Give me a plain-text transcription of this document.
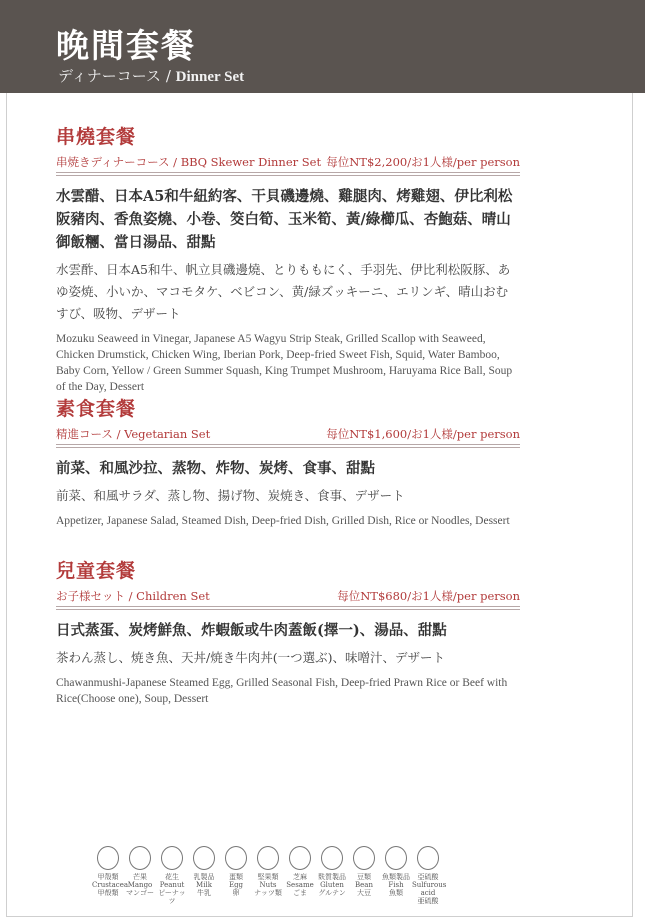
晚間套餐
ディナーコース / Dinner Set
串燒套餐
串焼きディナーコース / BBQ Skewer Dinner Set 每位NT$2,200/お1人様/per person
水雲醋、日本A5和牛紐約客、干貝磯邊燒、雞腿肉、烤雞翅、伊比利松阪豬肉、香魚姿燒、小卷、筊白筍、玉米筍、黃/綠櫛瓜、杏鮑菇、晴山御飯糰、當日湯品、甜點
水雲酢、日本A5和牛、帆立貝磯邊燒、とりももにく、手羽先、伊比利松阪豚、あゆ姿焼、小いか、マコモタケ、ベビコン、黄/緑ズッキーニ、エリンギ、晴山おむすび、吸物、デザート
Mozuku Seaweed in Vinegar, Japanese A5 Wagyu Strip Steak, Grilled Scallop with Seaweed, Chicken Drumstick, Chicken Wing, Iberian Pork, Deep-fried Sweet Fish, Squid, Water Bamboo, Baby Corn, Yellow / Green Summer Squash, King Trumpet Mushroom, Haruyama Rice Ball, Soup of the Day, Dessert
素食套餐
精進コース / Vegetarian Set	每位NT$1,600/お1人様/per person
前菜、和風沙拉、蒸物、炸物、炭烤、食事、甜點
前菜、和風サラダ、蒸し物、揚げ物、炭焼き、食事、デザート
Appetizer, Japanese Salad, Steamed Dish, Deep-fried Dish, Grilled Dish, Rice or Noodles, Dessert
兒童套餐
お子様セット / Children Set	每位NT$680/お1人様/per person
日式蒸蛋、炭烤鮮魚、炸蝦飯或牛肉蓋飯(擇一)、湯品、甜點
茶わん蒸し、焼き魚、天丼/焼き牛肉丼(一つ選ぶ)、味噌汁、デザート
Chawanmushi-Japanese Steamed Egg, Grilled Seasonal Fish, Deep-fried Prawn Rice or Beef with Rice(Choose one), Soup, Dessert
甲殼類
Crustacea
甲殻類
芒果
Mango
マンゴー
花生
Peanut
ピーナッツ
乳製品
Milk
牛乳
蛋類
Egg
卵
堅果類
Nuts
ナッツ類
芝麻
Sesame
ごま
麩質製品
Gluten
グルテン
豆類
Bean
大豆
魚類製品
Fish
魚類
亞硫酸
Sulfurous acid
亜硫酸
